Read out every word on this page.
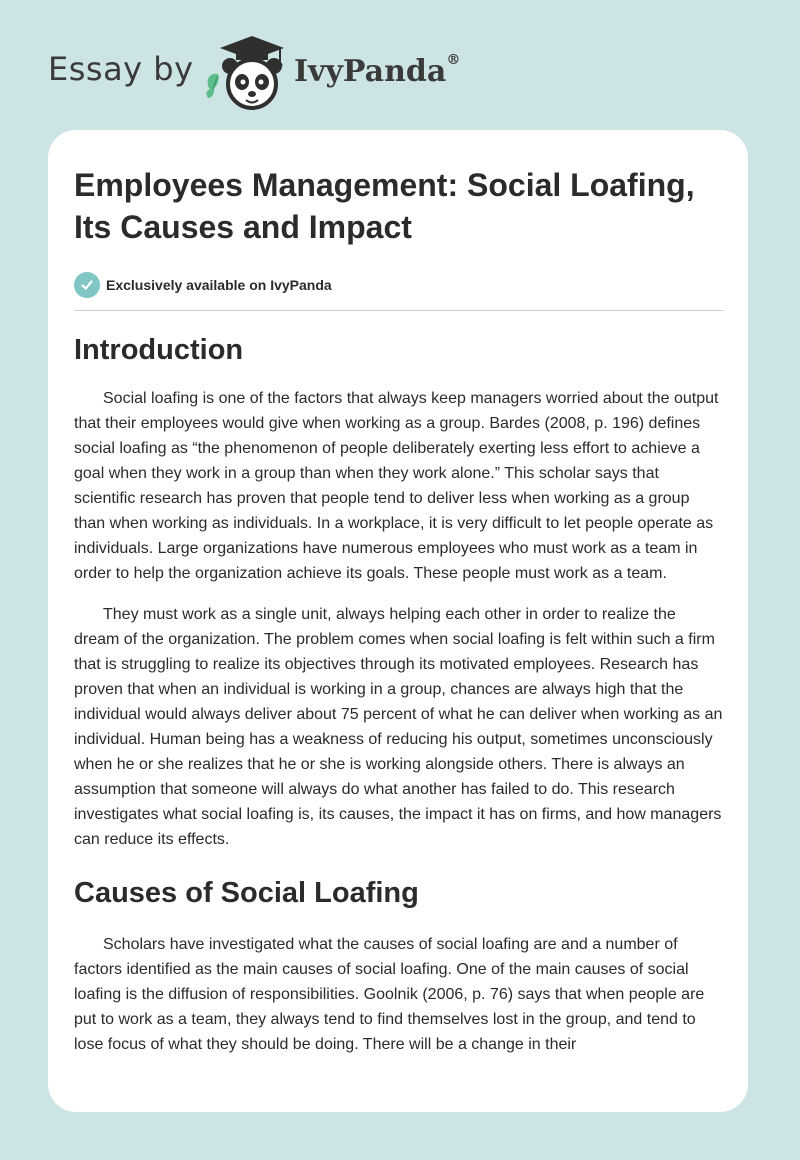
Essay by	IvyPanda®
Employees Management: Social Loafing, Its Causes and Impact
Exclusively available on IvyPanda
Introduction

Social loafing is one of the factors that always keep managers worried about the output that their employees would give when working as a group. Bardes (2008, p. 196) defines social loafing as “the phenomenon of people deliberately exerting less effort to achieve a goal when they work in a group than when they work alone.” This scholar says that scientific research has proven that people tend to deliver less when working as a group than when working as individuals. In a workplace, it is very difficult to let people operate as individuals. Large organizations have numerous employees who must work as a team in order to help the organization achieve its goals. These people must work as a team.

They must work as a single unit, always helping each other in order to realize the dream of the organization. The problem comes when social loafing is felt within such a firm that is struggling to realize its objectives through its motivated employees. Research has proven that when an individual is working in a group, chances are always high that the individual would always deliver about 75 percent of what he can deliver when working as an individual. Human being has a weakness of reducing his output, sometimes unconsciously when he or she realizes that he or she is working alongside others. There is always an assumption that someone will always do what another has failed to do. This research investigates what social loafing is, its causes, the impact it has on firms, and how managers can reduce its effects.

Causes of Social Loafing

Scholars have investigated what the causes of social loafing are and a number of factors identified as the main causes of social loafing. One of the main causes of social loafing is the diffusion of responsibilities. Goolnik (2006, p. 76) says that when people are put to work as a team, they always tend to find themselves lost in the group, and tend to lose focus of what they should be doing. There will be a change in their
